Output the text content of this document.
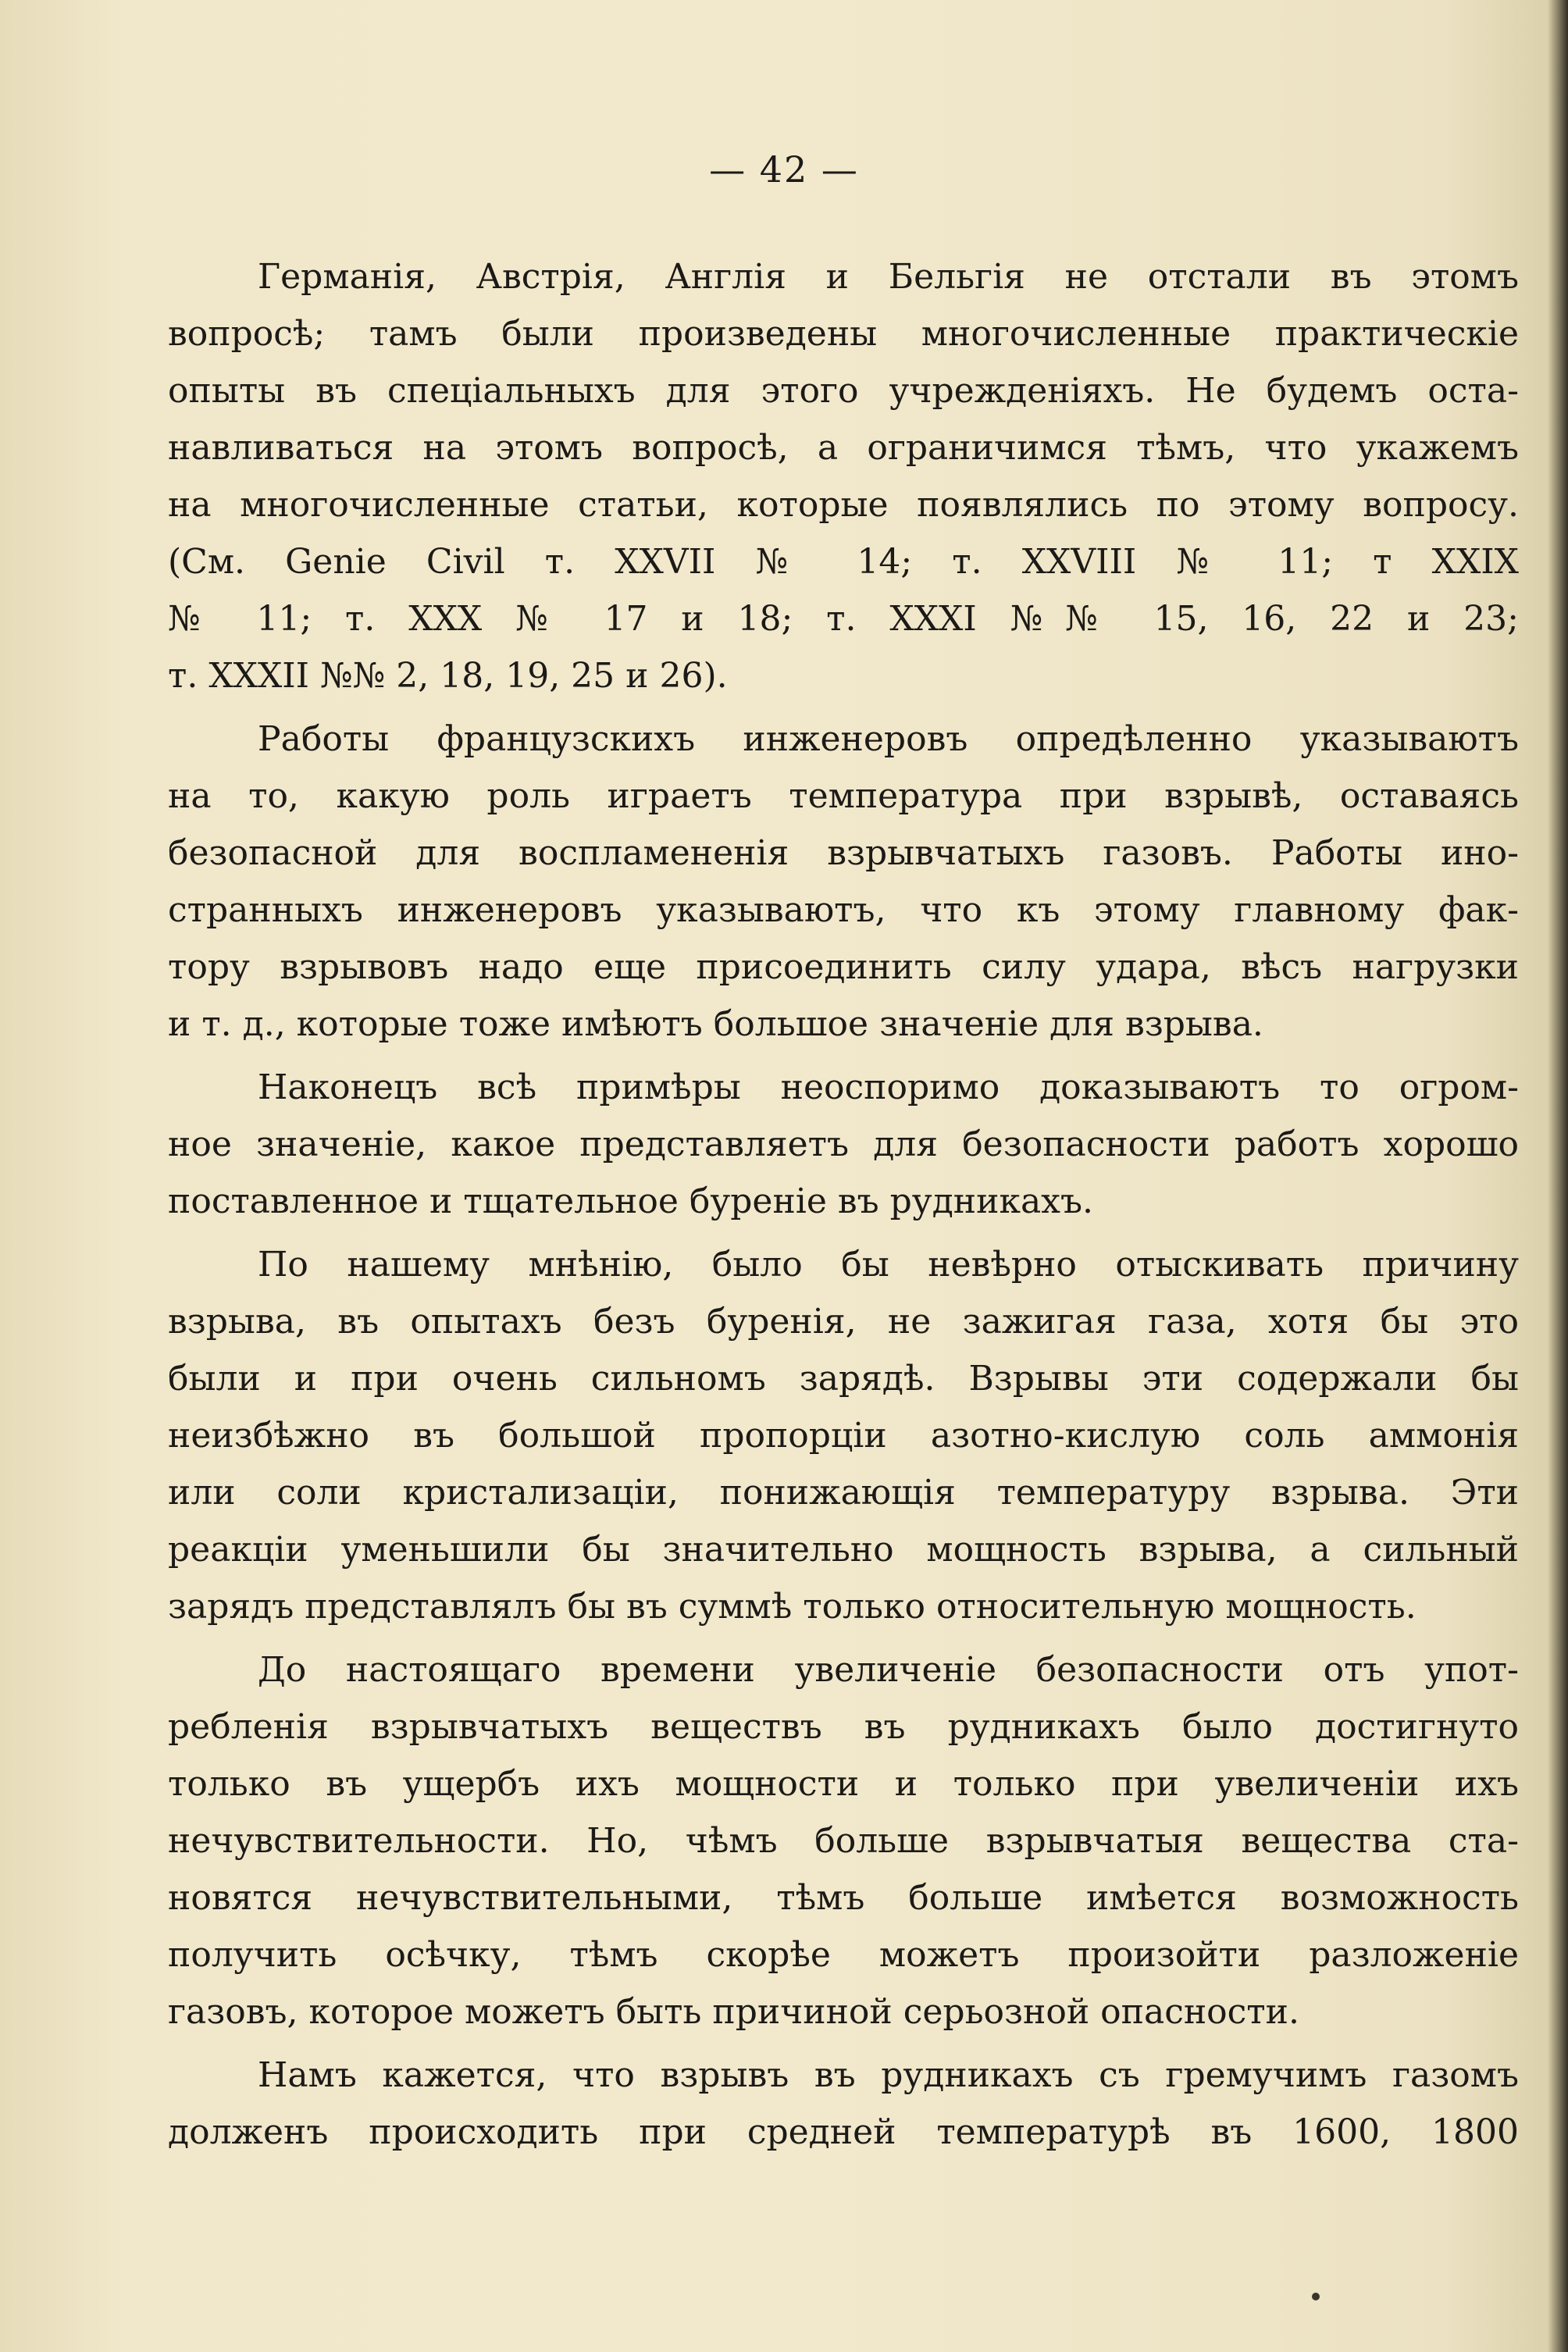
— 42 —
Германія, Австрія, Англія и Бельгія не отстали въ этомъ
вопросѣ; тамъ были произведены многочисленные практическіе
опыты въ спеціальныхъ для этого учрежденіяхъ. Не будемъ оста-
навливаться на этомъ вопросѣ, а ограничимся тѣмъ, что укажемъ
на многочисленные статьи, которые появлялись по этому вопросу.
(См. Genie Civil т. XXVII № 14; т. XXVIII № 11; т XXIX
№ 11; т. XXX № 17 и 18; т. XXXI №№ 15, 16, 22 и 23;
т. XXXII №№ 2, 18, 19, 25 и 26).
Работы французскихъ инженеровъ опредѣленно указываютъ
на то, какую роль играетъ температура при взрывѣ, оставаясь
безопасной для воспламененія взрывчатыхъ газовъ. Работы ино-
странныхъ инженеровъ указываютъ, что къ этому главному фак-
тору взрывовъ надо еще присоединить силу удара, вѣсъ нагрузки
и т. д., которые тоже имѣютъ большое значеніе для взрыва.
Наконецъ всѣ примѣры неоспоримо доказываютъ то огром-
ное значеніе, какое представляетъ для безопасности работъ хорошо
поставленное и тщательное буреніе въ рудникахъ.
По нашему мнѣнію, было бы невѣрно отыскивать причину
взрыва, въ опытахъ безъ буренія, не зажигая газа, хотя бы это
были и при очень сильномъ зарядѣ. Взрывы эти содержали бы
неизбѣжно въ большой пропорціи азотно-кислую соль аммонія
или соли кристализаціи, понижающія температуру взрыва. Эти
реакціи уменьшили бы значительно мощность взрыва, а сильный
зарядъ представлялъ бы въ суммѣ только относительную мощность.
До настоящаго времени увеличеніе безопасности отъ упот-
ребленія взрывчатыхъ веществъ въ рудникахъ было достигнуто
только въ ущербъ ихъ мощности и только при увеличеніи ихъ
нечувствительности. Но, чѣмъ больше взрывчатыя вещества ста-
новятся нечувствительными, тѣмъ больше имѣется возможность
получить осѣчку, тѣмъ скорѣе можетъ произойти разложеніе
газовъ, которое можетъ быть причиной серьозной опасности.
Намъ кажется, что взрывъ въ рудникахъ съ гремучимъ газомъ
долженъ происходить при средней температурѣ въ 1600, 1800
